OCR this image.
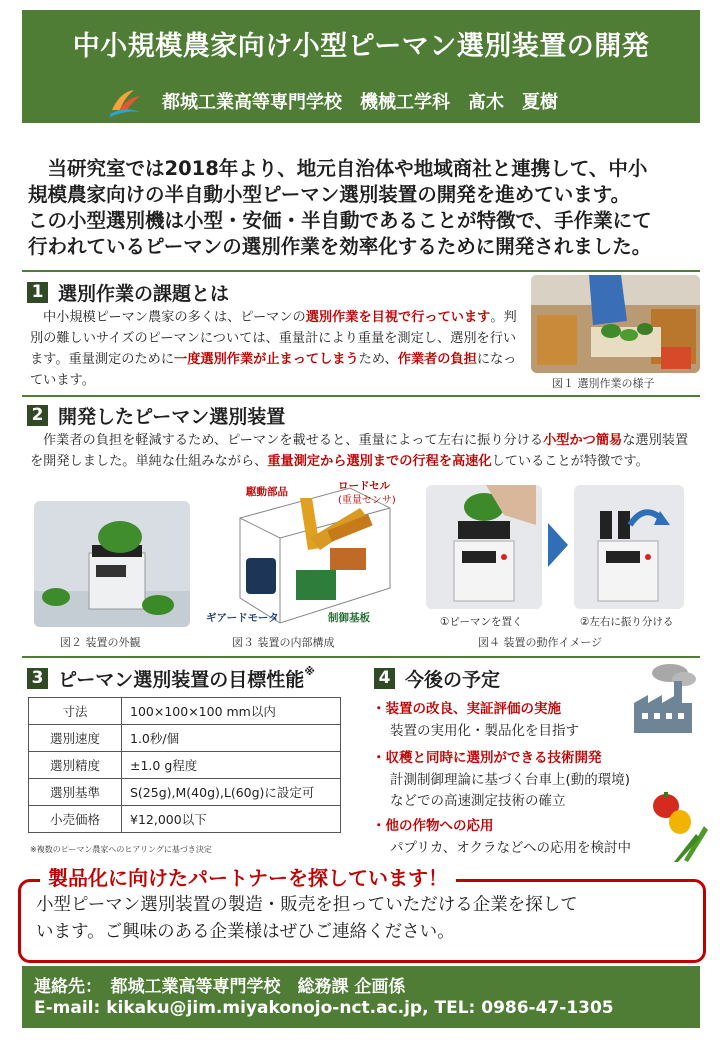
中小規模農家向け小型ピーマン選別装置の開発
都城工業高等専門学校　機械工学科　髙木　夏樹

当研究室では2018年より、地元自治体や地域商社と連携して、中小

規模農家向けの半自動小型ピーマン選別装置の開発を進めています。
この小型選別機は小型・安価・半自動であることが特徴で、手作業にて
行われているピーマンの選別作業を効率化するために開発されました。
1 選別作業の課題とは
中小規模ピーマン農家の多くは、ピーマンの選別作業を目視で行っています。判別の難しいサイズのピーマンについては、重量計により重量を測定し、選別を行います。重量測定のために一度選別作業が止まってしまうため、作業者の負担になっています。	図１ 選別作業の様子
2 開発したピーマン選別装置
作業者の負担を軽減するため、ピーマンを載せると、重量によって左右に振り分ける小型かつ簡易な選別装置を開発しました。単純な仕組みながら、重量測定から選別までの行程を高速化していることが特徴です。
図２ 装置の外観
駆動部品	ロードセル
(重量センサ)
ギアードモータ	制御基板
図３ 装置の内部構成
①ピーマンを置く	②左右に振り分ける
図４ 装置の動作イメージ
3 ピーマン選別装置の目標性能※
寸法	100×100×100 mm以内
選別速度	1.0秒/個
選別精度	±1.0 g程度
選別基準	S(25g),M(40g),L(60g)に設定可
小売価格	¥12,000以下
※複数のピーマン農家へのヒアリングに基づき決定
4 今後の予定
・装置の改良、実証評価の実施
装置の実用化・製品化を目指す
・収穫と同時に選別ができる技術開発
計測制御理論に基づく台車上(動的環境)
などでの高速測定技術の確立
・他の作物への応用
パプリカ、オクラなどへの応用を検討中
製品化に向けたパートナーを探しています！
小型ピーマン選別装置の製造・販売を担っていただける企業を探して
います。ご興味のある企業様はぜひご連絡ください。
連絡先：　都城工業高等専門学校　総務課 企画係
E-mail: kikaku@jim.miyakonojo-nct.ac.jp, TEL: 0986-47-1305
